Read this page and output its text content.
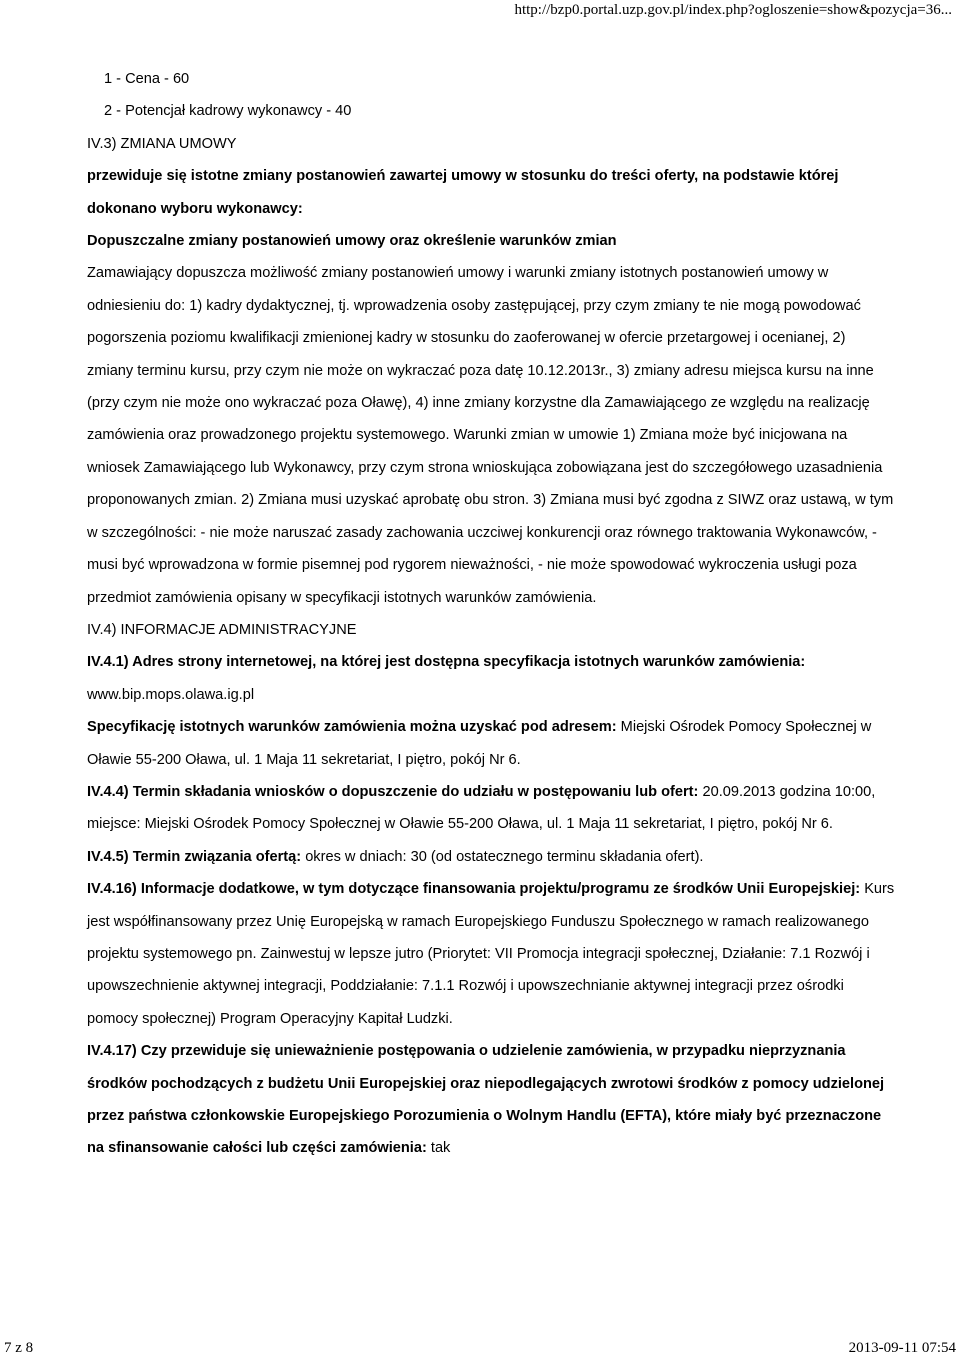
http://bzp0.portal.uzp.gov.pl/index.php?ogloszenie=show&pozycja=36...

1 - Cena - 60

2 - Potencjał kadrowy wykonawcy - 40

IV.3) ZMIANA UMOWY

przewiduje się istotne zmiany postanowień zawartej umowy w stosunku do treści oferty, na podstawie której dokonano wyboru wykonawcy:

Dopuszczalne zmiany postanowień umowy oraz określenie warunków zmian

Zamawiający dopuszcza możliwość zmiany postanowień umowy i warunki zmiany istotnych postanowień umowy w odniesieniu do: 1) kadry dydaktycznej, tj. wprowadzenia osoby zastępującej, przy czym zmiany te nie mogą powodować pogorszenia poziomu kwalifikacji zmienionej kadry w stosunku do zaoferowanej w ofercie przetargowej i ocenianej, 2) zmiany terminu kursu, przy czym nie może on wykraczać poza datę 10.12.2013r., 3) zmiany adresu miejsca kursu na inne (przy czym nie może ono wykraczać poza Oławę), 4) inne zmiany korzystne dla Zamawiającego ze względu na realizację zamówienia oraz prowadzonego projektu systemowego. Warunki zmian w umowie 1) Zmiana może być inicjowana na wniosek Zamawiającego lub Wykonawcy, przy czym strona wnioskująca zobowiązana jest do szczegółowego uzasadnienia proponowanych zmian. 2) Zmiana musi uzyskać aprobatę obu stron. 3) Zmiana musi być zgodna z SIWZ oraz ustawą, w tym w szczególności: - nie może naruszać zasady zachowania uczciwej konkurencji oraz równego traktowania Wykonawców, - musi być wprowadzona w formie pisemnej pod rygorem nieważności, - nie może spowodować wykroczenia usługi poza przedmiot zamówienia opisany w specyfikacji istotnych warunków zamówienia.

IV.4) INFORMACJE ADMINISTRACYJNE

IV.4.1) Adres strony internetowej, na której jest dostępna specyfikacja istotnych warunków zamówienia:
www.bip.mops.olawa.ig.pl

Specyfikację istotnych warunków zamówienia można uzyskać pod adresem: Miejski Ośrodek Pomocy Społecznej w Oławie 55-200 Oława, ul. 1 Maja 11 sekretariat, I piętro, pokój Nr 6.

IV.4.4) Termin składania wniosków o dopuszczenie do udziału w postępowaniu lub ofert: 20.09.2013 godzina 10:00, miejsce: Miejski Ośrodek Pomocy Społecznej w Oławie 55-200 Oława, ul. 1 Maja 11 sekretariat, I piętro, pokój Nr 6.

IV.4.5) Termin związania ofertą: okres w dniach: 30 (od ostatecznego terminu składania ofert).

IV.4.16) Informacje dodatkowe, w tym dotyczące finansowania projektu/programu ze środków Unii Europejskiej: Kurs jest współfinansowany przez Unię Europejską w ramach Europejskiego Funduszu Społecznego w ramach realizowanego projektu systemowego pn. Zainwestuj w lepsze jutro (Priorytet: VII Promocja integracji społecznej, Działanie: 7.1 Rozwój i upowszechnienie aktywnej integracji, Poddziałanie: 7.1.1 Rozwój i upowszechnianie aktywnej integracji przez ośrodki pomocy społecznej) Program Operacyjny Kapitał Ludzki.

IV.4.17) Czy przewiduje się unieważnienie postępowania o udzielenie zamówienia, w przypadku nieprzyznania środków pochodzących z budżetu Unii Europejskiej oraz niepodlegających zwrotowi środków z pomocy udzielonej przez państwa członkowskie Europejskiego Porozumienia o Wolnym Handlu (EFTA), które miały być przeznaczone na sfinansowanie całości lub części zamówienia: tak

7 z 8	2013-09-11 07:54
